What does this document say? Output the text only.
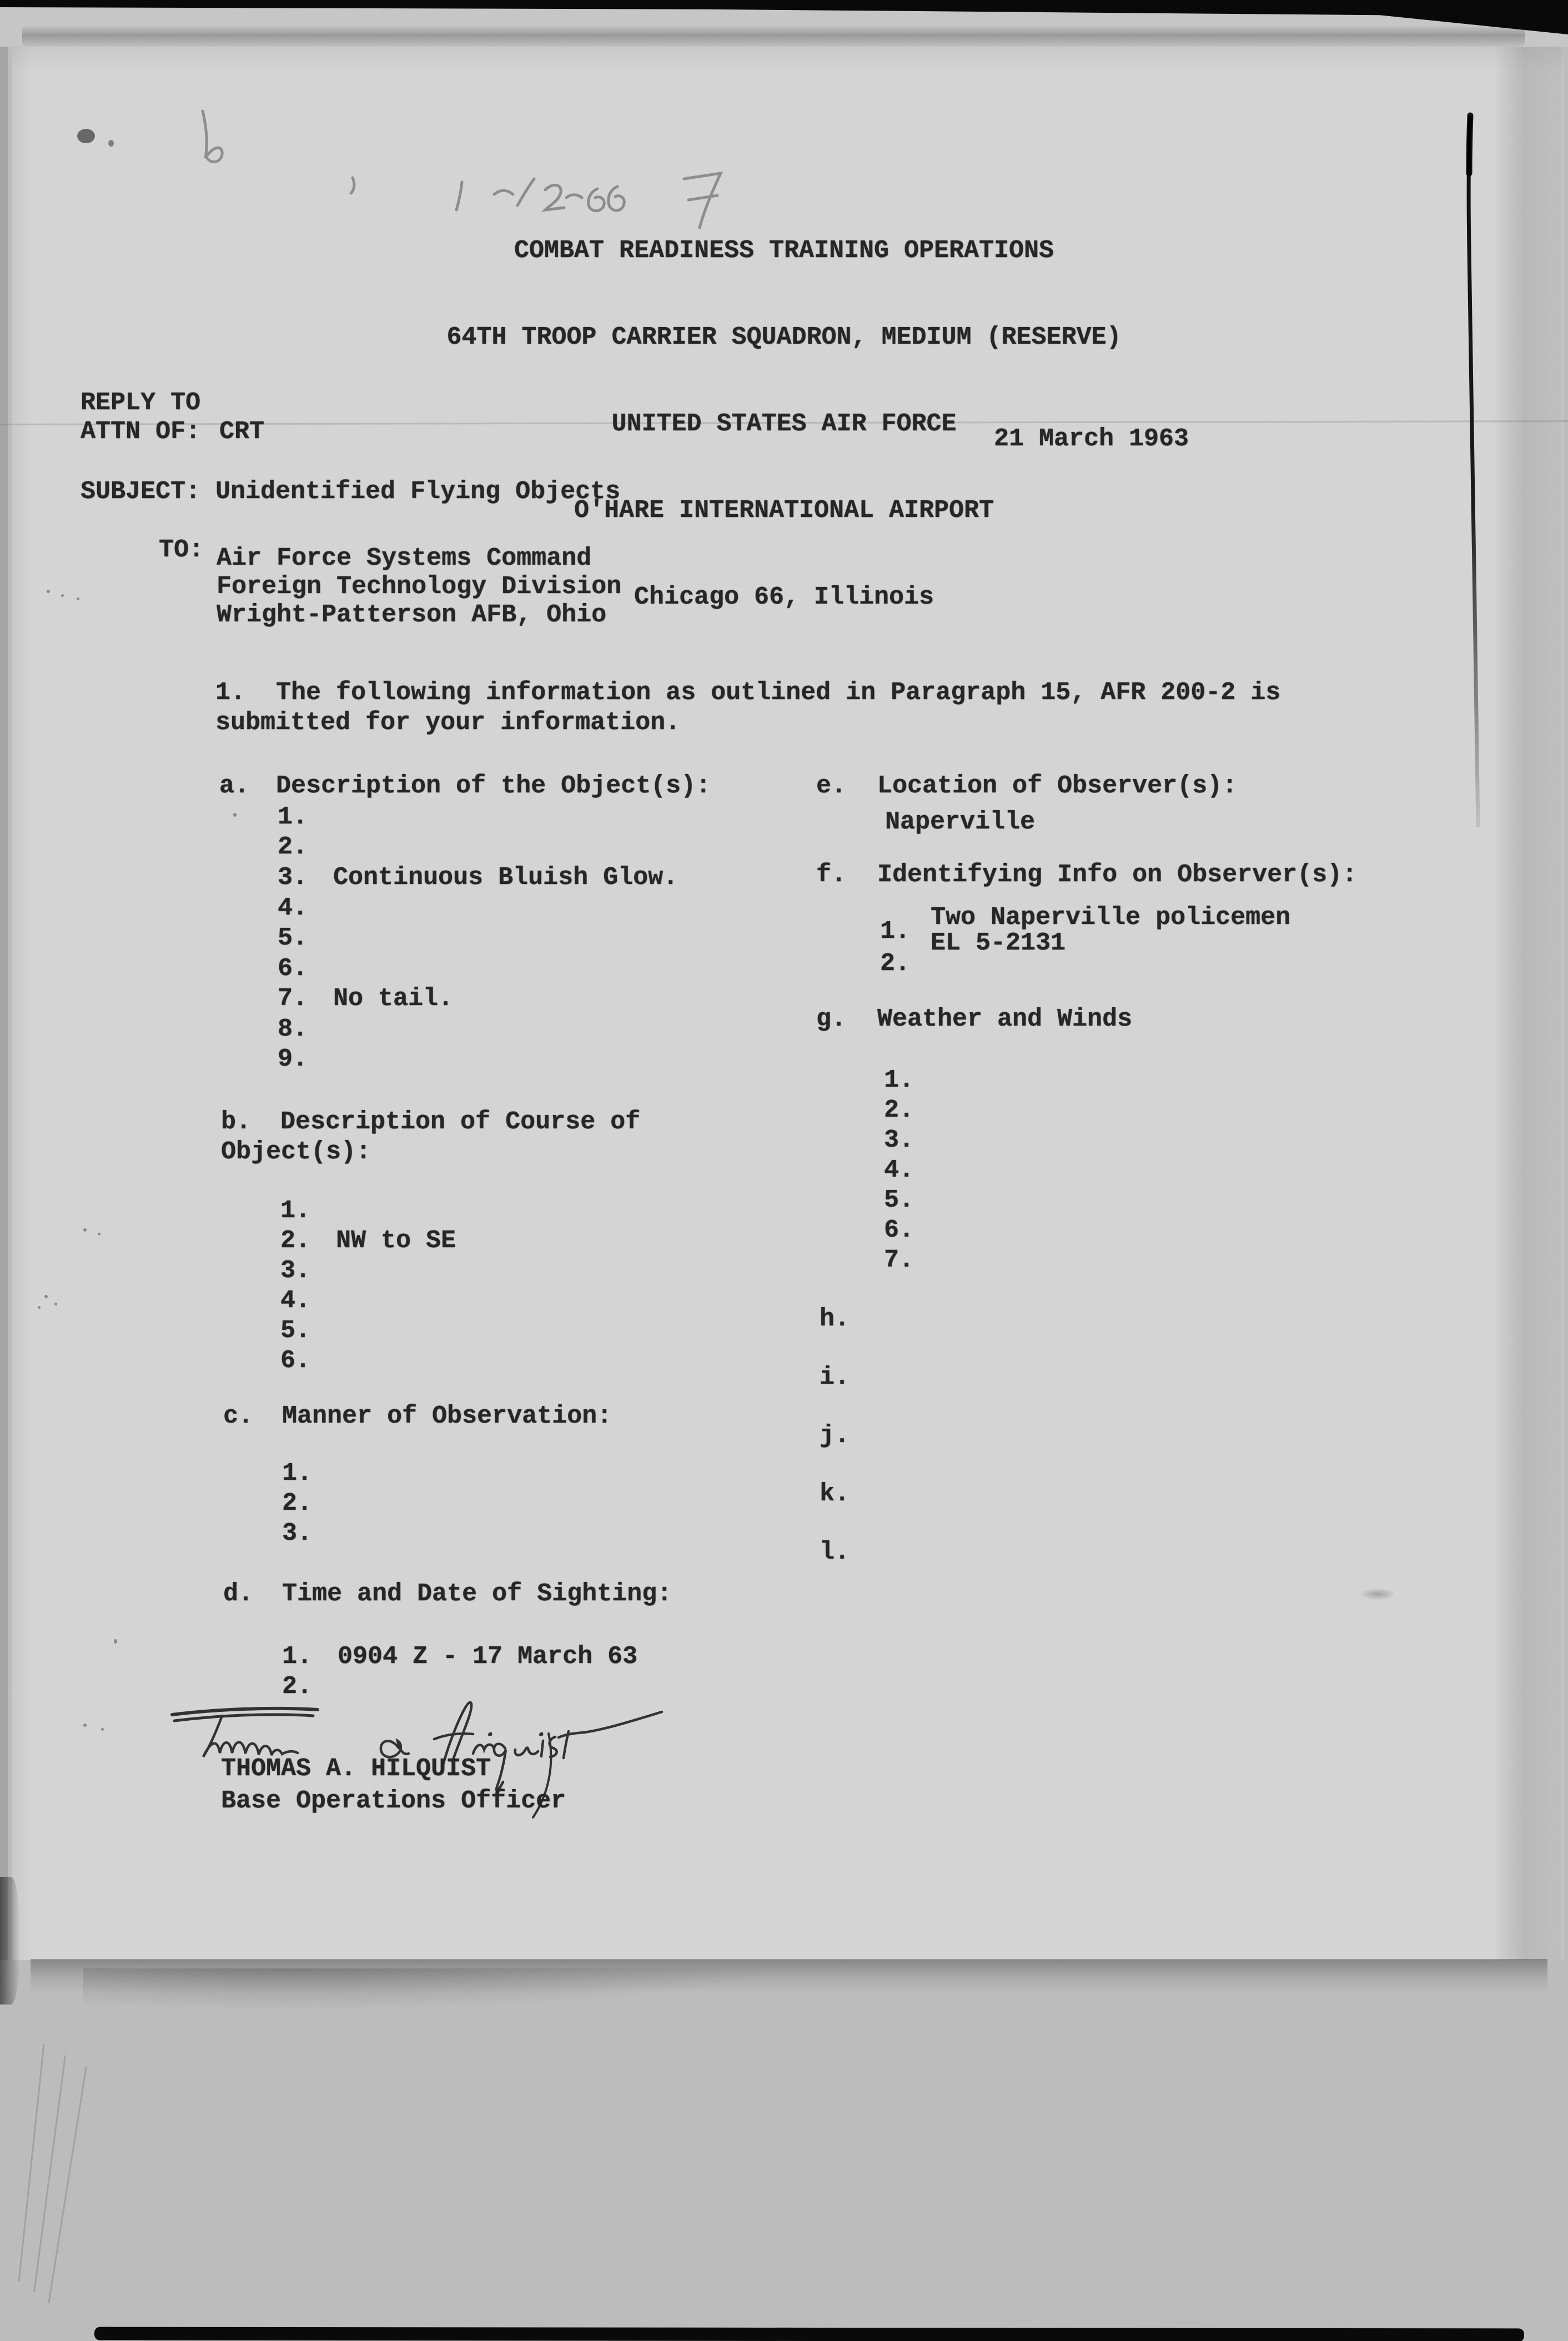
COMBAT READINESS TRAINING OPERATIONS

64TH TROOP CARRIER SQUADRON, MEDIUM (RESERVE)

UNITED STATES AIR FORCE

O'HARE INTERNATIONAL AIRPORT

Chicago 66, Illinois

REPLY TO
ATTN OF: CRT	21 March 1963
SUBJECT: Unidentified Flying Objects
TO: Air Force Systems Command
Foreign Technology Division
Wright-Patterson AFB, Ohio
1. The following information as outlined in Paragraph 15, AFR 200-2 is
submitted for your information.
a. Description of the Object(s):
1.
2.
3. Continuous Bluish Glow.
4.
5.
6.
7. No tail.
8.
9.
b. Description of Course of
Object(s):
1.
2. NW to SE
3.
4.
5.
6.
c. Manner of Observation:
1.
2.
3.
d. Time and Date of Sighting:
1. 0904 Z - 17 March 63
2.
e. Location of Observer(s):
Naperville
f. Identifying Info on Observer(s):
1. Two Naperville policemen
EL 5-2131
2.
g. Weather and Winds
1.
2.
3.
4.
5.
6.
7.
h.
i.
j.
k.
l.
THOMAS A. HILQUIST
Base Operations Officer
